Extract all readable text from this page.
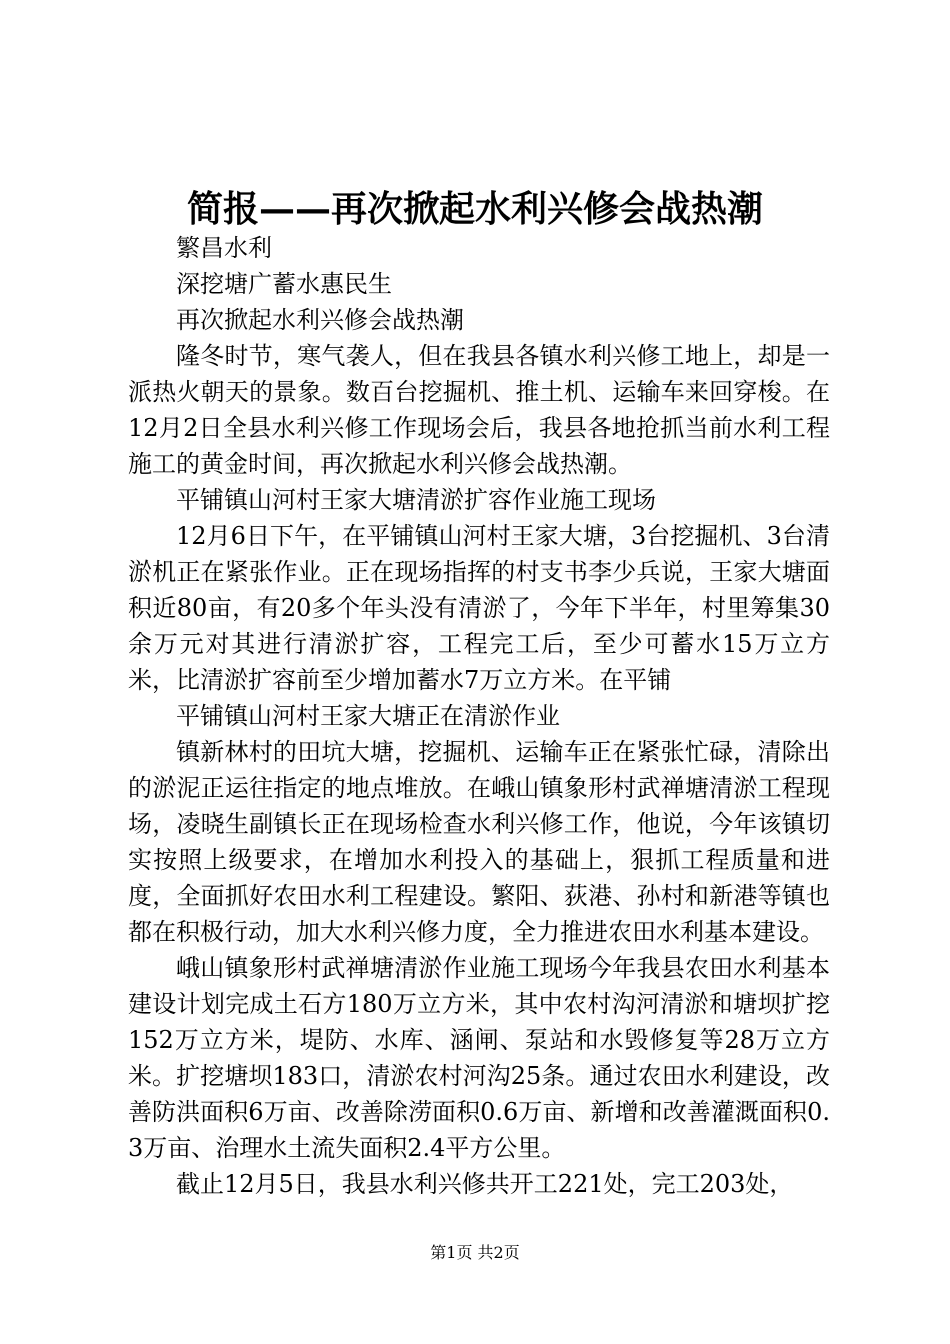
简报——再次掀起水利兴修会战热潮

繁昌水利

深挖塘广蓄水惠民生

再次掀起水利兴修会战热潮

隆冬时节，寒气袭人，但在我县各镇水利兴修工地上，却是一派热火朝天的景象。数百台挖掘机、推土机、运输车来回穿梭。在12月2日全县水利兴修工作现场会后，我县各地抢抓当前水利工程施工的黄金时间，再次掀起水利兴修会战热潮。

平铺镇山河村王家大塘清淤扩容作业施工现场

12月6日下午，在平铺镇山河村王家大塘，3台挖掘机、3台清淤机正在紧张作业。正在现场指挥的村支书李少兵说，王家大塘面积近80亩，有20多个年头没有清淤了，今年下半年，村里筹集30余万元对其进行清淤扩容，工程完工后，至少可蓄水15万立方米，比清淤扩容前至少增加蓄水7万立方米。在平铺

平铺镇山河村王家大塘正在清淤作业

镇新林村的田坑大塘，挖掘机、运输车正在紧张忙碌，清除出的淤泥正运往指定的地点堆放。在峨山镇象形村武禅塘清淤工程现场，凌晓生副镇长正在现场检查水利兴修工作，他说，今年该镇切实按照上级要求，在增加水利投入的基础上，狠抓工程质量和进度，全面抓好农田水利工程建设。繁阳、荻港、孙村和新港等镇也都在积极行动，加大水利兴修力度，全力推进农田水利基本建设。

峨山镇象形村武禅塘清淤作业施工现场今年我县农田水利基本建设计划完成土石方180万立方米，其中农村沟河清淤和塘坝扩挖152万立方米，堤防、水库、涵闸、泵站和水毁修复等28万立方米。扩挖塘坝183口，清淤农村河沟25条。通过农田水利建设，改善防洪面积6万亩、改善除涝面积0.6万亩、新增和改善灌溉面积0.3万亩、治理水土流失面积2.4平方公里。

截止12月5日，我县水利兴修共开工221处，完工203处，

第1页 共2页
